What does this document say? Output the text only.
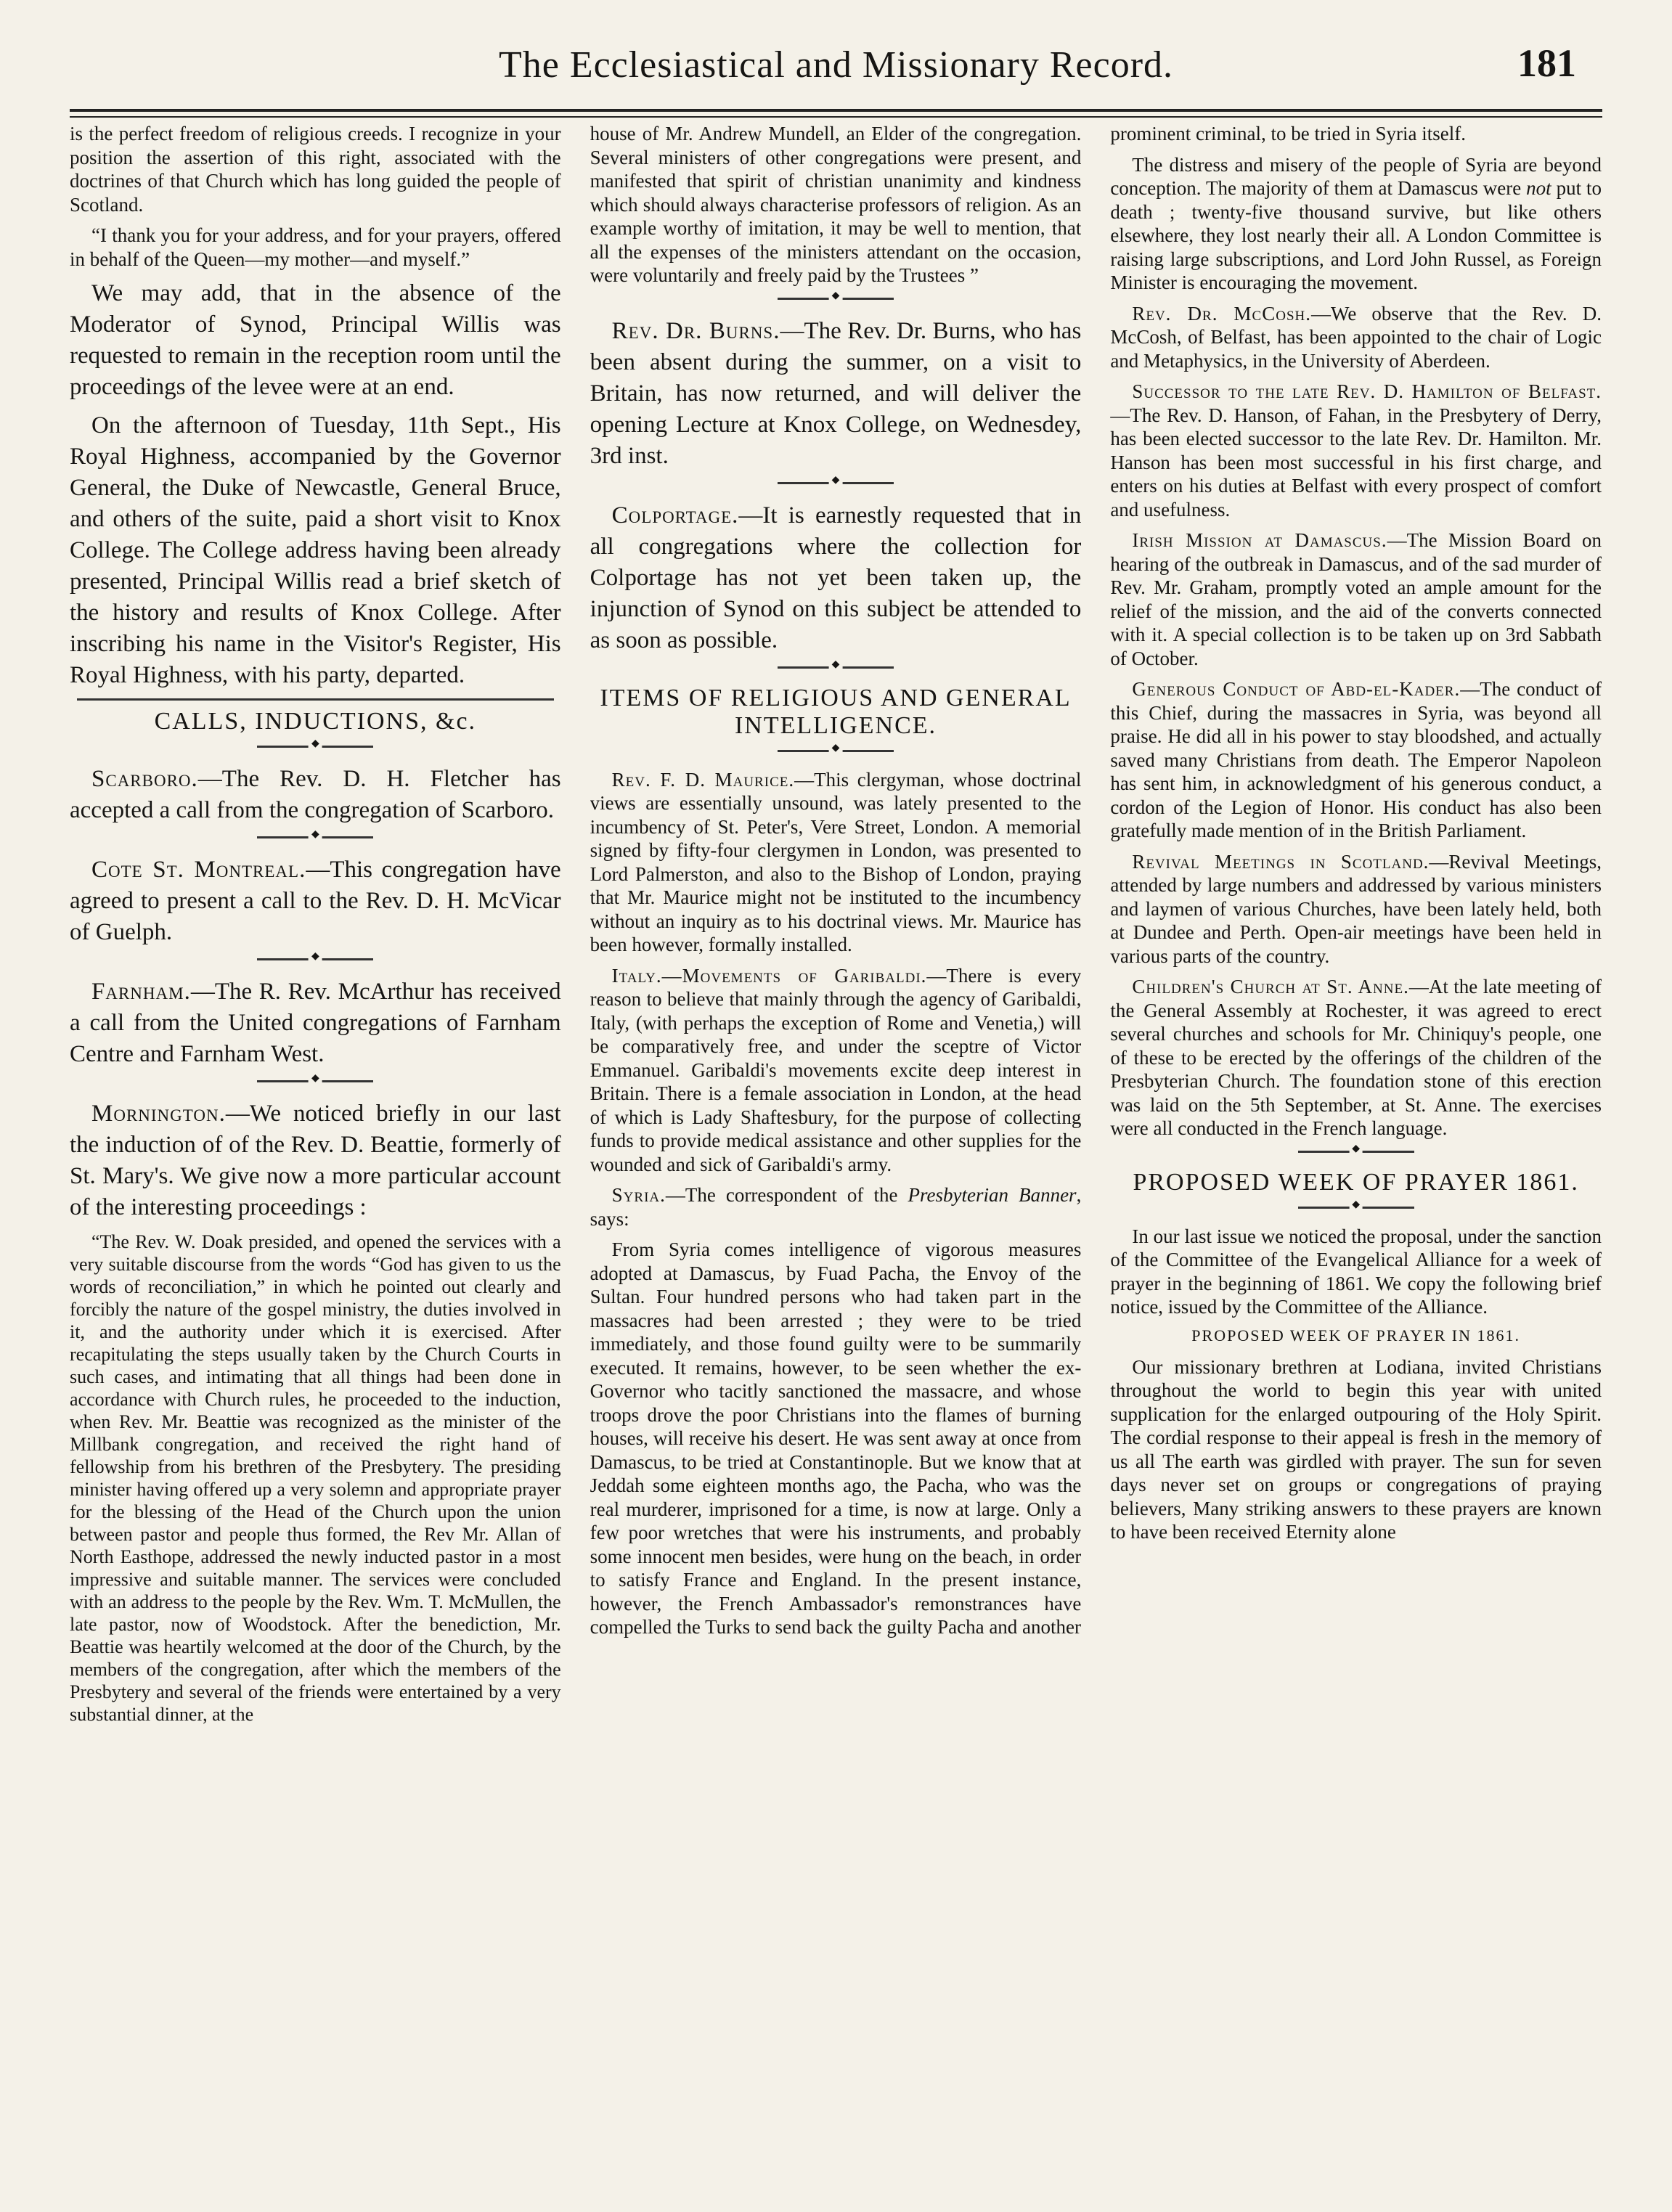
The Ecclesiastical and Missionary Record.	181

is the perfect freedom of religious creeds. I recognize in your position the assertion of this right, associated with the doctrines of that Church which has long guided the people of Scotland.

“I thank you for your address, and for your prayers, offered in behalf of the Queen—my mother—and myself.”

We may add, that in the absence of the Moderator of Synod, Principal Willis was requested to remain in the reception room until the proceedings of the levee were at an end.

On the afternoon of Tuesday, 11th Sept., His Royal Highness, accompanied by the Governor General, the Duke of Newcastle, General Bruce, and others of the suite, paid a short visit to Knox College. The College address having been already presented, Principal Willis read a brief sketch of the history and results of Knox College. After inscribing his name in the Visitor's Register, His Royal Highness, with his party, departed.

CALLS, INDUCTIONS, &c.
◆

Scarboro.—The Rev. D. H. Fletcher has accepted a call from the congregation of Scarboro.

◆

Cote St. Montreal.—This congregation have agreed to present a call to the Rev. D. H. McVicar of Guelph.

◆

Farnham.—The R. Rev. McArthur has received a call from the United congregations of Farnham Centre and Farnham West.

◆

Mornington.—We noticed briefly in our last the induction of of the Rev. D. Beattie, formerly of St. Mary's. We give now a more particular account of the interesting proceedings :

“The Rev. W. Doak presided, and opened the services with a very suitable discourse from the words “God has given to us the words of reconciliation,” in which he pointed out clearly and forcibly the nature of the gospel ministry, the duties involved in it, and the authority under which it is exercised. After recapitulating the steps usually taken by the Church Courts in such cases, and intimating that all things had been done in accordance with Church rules, he proceeded to the induction, when Rev. Mr. Beattie was recognized as the minister of the Millbank congregation, and received the right hand of fellowship from his brethren of the Presbytery. The presiding minister having offered up a very solemn and appropriate prayer for the blessing of the Head of the Church upon the union between pastor and people thus formed, the Rev Mr. Allan of North Easthope, addressed the newly inducted pastor in a most impressive and suitable manner. The services were concluded with an address to the people by the Rev. Wm. T. McMullen, the late pastor, now of Woodstock. After the benediction, Mr. Beattie was heartily welcomed at the door of the Church, by the members of the congregation, after which the members of the Presbytery and several of the friends were entertained by a very substantial dinner, at the

house of Mr. Andrew Mundell, an Elder of the congregation. Several ministers of other congregations were present, and manifested that spirit of christian unanimity and kindness which should always characterise professors of religion. As an example worthy of imitation, it may be well to mention, that all the expenses of the ministers attendant on the occasion, were voluntarily and freely paid by the Trustees ”

◆

Rev. Dr. Burns.—The Rev. Dr. Burns, who has been absent during the summer, on a visit to Britain, has now returned, and will deliver the opening Lecture at Knox College, on Wednesdey, 3rd inst.

◆

Colportage.—It is earnestly requested that in all congregations where the collection for Colportage has not yet been taken up, the injunction of Synod on this subject be attended to as soon as possible.

◆
ITEMS OF RELIGIOUS AND GENERAL INTELLIGENCE.
◆

Rev. F. D. Maurice.—This clergyman, whose doctrinal views are essentially unsound, was lately presented to the incumbency of St. Peter's, Vere Street, London. A memorial signed by fifty-four clergymen in London, was presented to Lord Palmerston, and also to the Bishop of London, praying that Mr. Maurice might not be instituted to the incumbency without an inquiry as to his doctrinal views. Mr. Maurice has been however, formally installed.

Italy.—Movements of Garibaldi.—There is every reason to believe that mainly through the agency of Garibaldi, Italy, (with perhaps the exception of Rome and Venetia,) will be comparatively free, and under the sceptre of Victor Emmanuel. Garibaldi's movements excite deep interest in Britain. There is a female association in London, at the head of which is Lady Shaftesbury, for the purpose of collecting funds to provide medical assistance and other supplies for the wounded and sick of Garibaldi's army.

Syria.—The correspondent of the Presbyterian Banner, says:

From Syria comes intelligence of vigorous measures adopted at Damascus, by Fuad Pacha, the Envoy of the Sultan. Four hundred persons who had taken part in the massacres had been arrested ; they were to be tried immediately, and those found guilty were to be summarily executed. It remains, however, to be seen whether the ex-Governor who tacitly sanctioned the massacre, and whose troops drove the poor Christians into the flames of burning houses, will receive his desert. He was sent away at once from Damascus, to be tried at Constantinople. But we know that at Jeddah some eighteen months ago, the Pacha, who was the real murderer, imprisoned for a time, is now at large. Only a few poor wretches that were his instruments, and probably some innocent men besides, were hung on the beach, in order to satisfy France and England. In the present instance, however, the French Ambassador's remonstrances have compelled the Turks to send back the guilty Pacha and another

prominent criminal, to be tried in Syria itself.

The distress and misery of the people of Syria are beyond conception. The majority of them at Damascus were not put to death ; twenty-five thousand survive, but like others elsewhere, they lost nearly their all. A London Committee is raising large subscriptions, and Lord John Russel, as Foreign Minister is encouraging the movement.

Rev. Dr. McCosh.—We observe that the Rev. D. McCosh, of Belfast, has been appointed to the chair of Logic and Metaphysics, in the University of Aberdeen.

Successor to the late Rev. D. Hamilton of Belfast.—The Rev. D. Hanson, of Fahan, in the Presbytery of Derry, has been elected successor to the late Rev. Dr. Hamilton. Mr. Hanson has been most successful in his first charge, and enters on his duties at Belfast with every prospect of comfort and usefulness.

Irish Mission at Damascus.—The Mission Board on hearing of the outbreak in Damascus, and of the sad murder of Rev. Mr. Graham, promptly voted an ample amount for the relief of the mission, and the aid of the converts connected with it. A special collection is to be taken up on 3rd Sabbath of October.

Generous Conduct of Abd-el-Kader.—The conduct of this Chief, during the massacres in Syria, was beyond all praise. He did all in his power to stay bloodshed, and actually saved many Christians from death. The Emperor Napoleon has sent him, in acknowledgment of his generous conduct, a cordon of the Legion of Honor. His conduct has also been gratefully made mention of in the British Parliament.

Revival Meetings in Scotland.—Revival Meetings, attended by large numbers and addressed by various ministers and laymen of various Churches, have been lately held, both at Dundee and Perth. Open-air meetings have been held in various parts of the country.

Children's Church at St. Anne.—At the late meeting of the General Assembly at Rochester, it was agreed to erect several churches and schools for Mr. Chiniquy's people, one of these to be erected by the offerings of the children of the Presbyterian Church. The foundation stone of this erection was laid on the 5th September, at St. Anne. The exercises were all conducted in the French language.

◆
PROPOSED WEEK OF PRAYER 1861.
◆

In our last issue we noticed the proposal, under the sanction of the Committee of the Evangelical Alliance for a week of prayer in the beginning of 1861. We copy the following brief notice, issued by the Committee of the Alliance.

PROPOSED WEEK OF PRAYER IN 1861.

Our missionary brethren at Lodiana, invited Christians throughout the world to begin this year with united supplication for the enlarged outpouring of the Holy Spirit. The cordial response to their appeal is fresh in the memory of us all The earth was girdled with prayer. The sun for seven days never set on groups or congregations of praying believers, Many striking answers to these prayers are known to have been received Eternity alone
